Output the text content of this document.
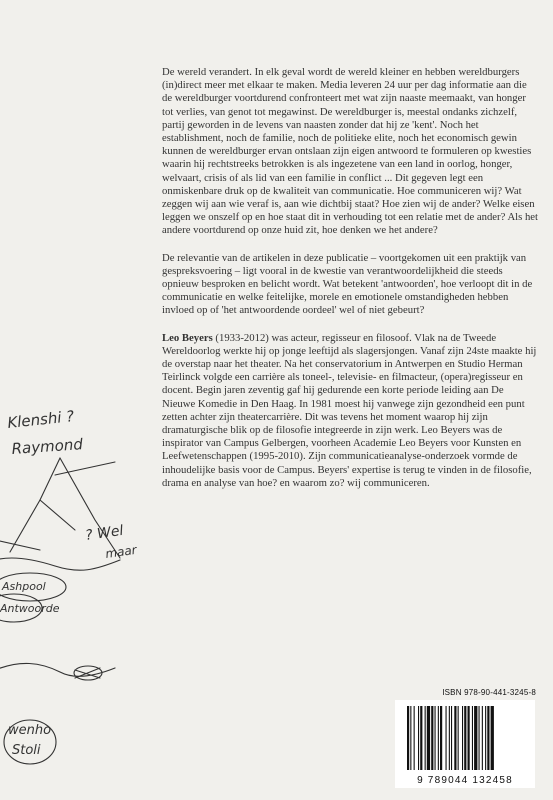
De wereld verandert. In elk geval wordt de wereld kleiner en hebben wereldburgers (in)direct meer met elkaar te maken. Media leveren 24 uur per dag informatie aan die de wereldburger voortdurend confronteert met wat zijn naaste meemaakt, van honger tot verlies, van genot tot megawinst. De wereldburger is, meestal ondanks zichzelf, partij geworden in de levens van naasten zonder dat hij ze 'kent'. Noch het establishment, noch de familie, noch de politieke elite, noch het economisch gewin kunnen de wereldburger ervan ontslaan zijn eigen antwoord te formuleren op kwesties waarin hij rechtstreeks betrokken is als ingezetene van een land in oorlog, honger, welvaart, crisis of als lid van een familie in conflict ... Dit gegeven legt een onmiskenbare druk op de kwaliteit van communicatie. Hoe communiceren wij? Wat zeggen wij aan wie veraf is, aan wie dichtbij staat? Hoe zien wij de ander? Welke eisen leggen we onszelf op en hoe staat dit in verhouding tot een relatie met de ander? Als het andere voortdurend op onze huid zit, hoe denken we het andere?

De relevantie van de artikelen in deze publicatie – voortgekomen uit een praktijk van gespreksvoering – ligt vooral in de kwestie van verantwoordelijkheid die steeds opnieuw besproken en belicht wordt. Wat betekent 'antwoorden', hoe verloopt dit in de communicatie en welke feitelijke, morele en emotionele omstandigheden hebben invloed op of 'het antwoordende oordeel' wel of niet gebeurt?

Leo Beyers (1933-2012) was acteur, regisseur en filosoof. Vlak na de Tweede Wereldoorlog werkte hij op jonge leeftijd als slagersjongen. Vanaf zijn 24ste maakte hij de overstap naar het theater. Na het conservatorium in Antwerpen en Studio Herman Teirlinck volgde een carrière als toneel-, televisie- en filmacteur, (opera)regisseur en docent. Begin jaren zeventig gaf hij gedurende een korte periode leiding aan De Nieuwe Komedie in Den Haag. In 1981 moest hij vanwege zijn gezondheid een punt zetten achter zijn theatercarrière. Dit was tevens het moment waarop hij zijn dramaturgische blik op de filosofie integreerde in zijn werk. Leo Beyers was de inspirator van Campus Gelbergen, voorheen Academie Leo Beyers voor Kunsten en Leefwetenschappen (1995-2010). Zijn communicatieanalyse-onderzoek vormde de inhoudelijke basis voor de Campus. Beyers' expertise is terug te vinden in de filosofie, drama en analyse van hoe? en waarom zo? wij communiceren.

Klenshi ?
Raymond
? Wel
maar
Ashpool
Antwoorde
wenho
Stoli
ISBN 978-90-441-3245-8
9 789044 132458
